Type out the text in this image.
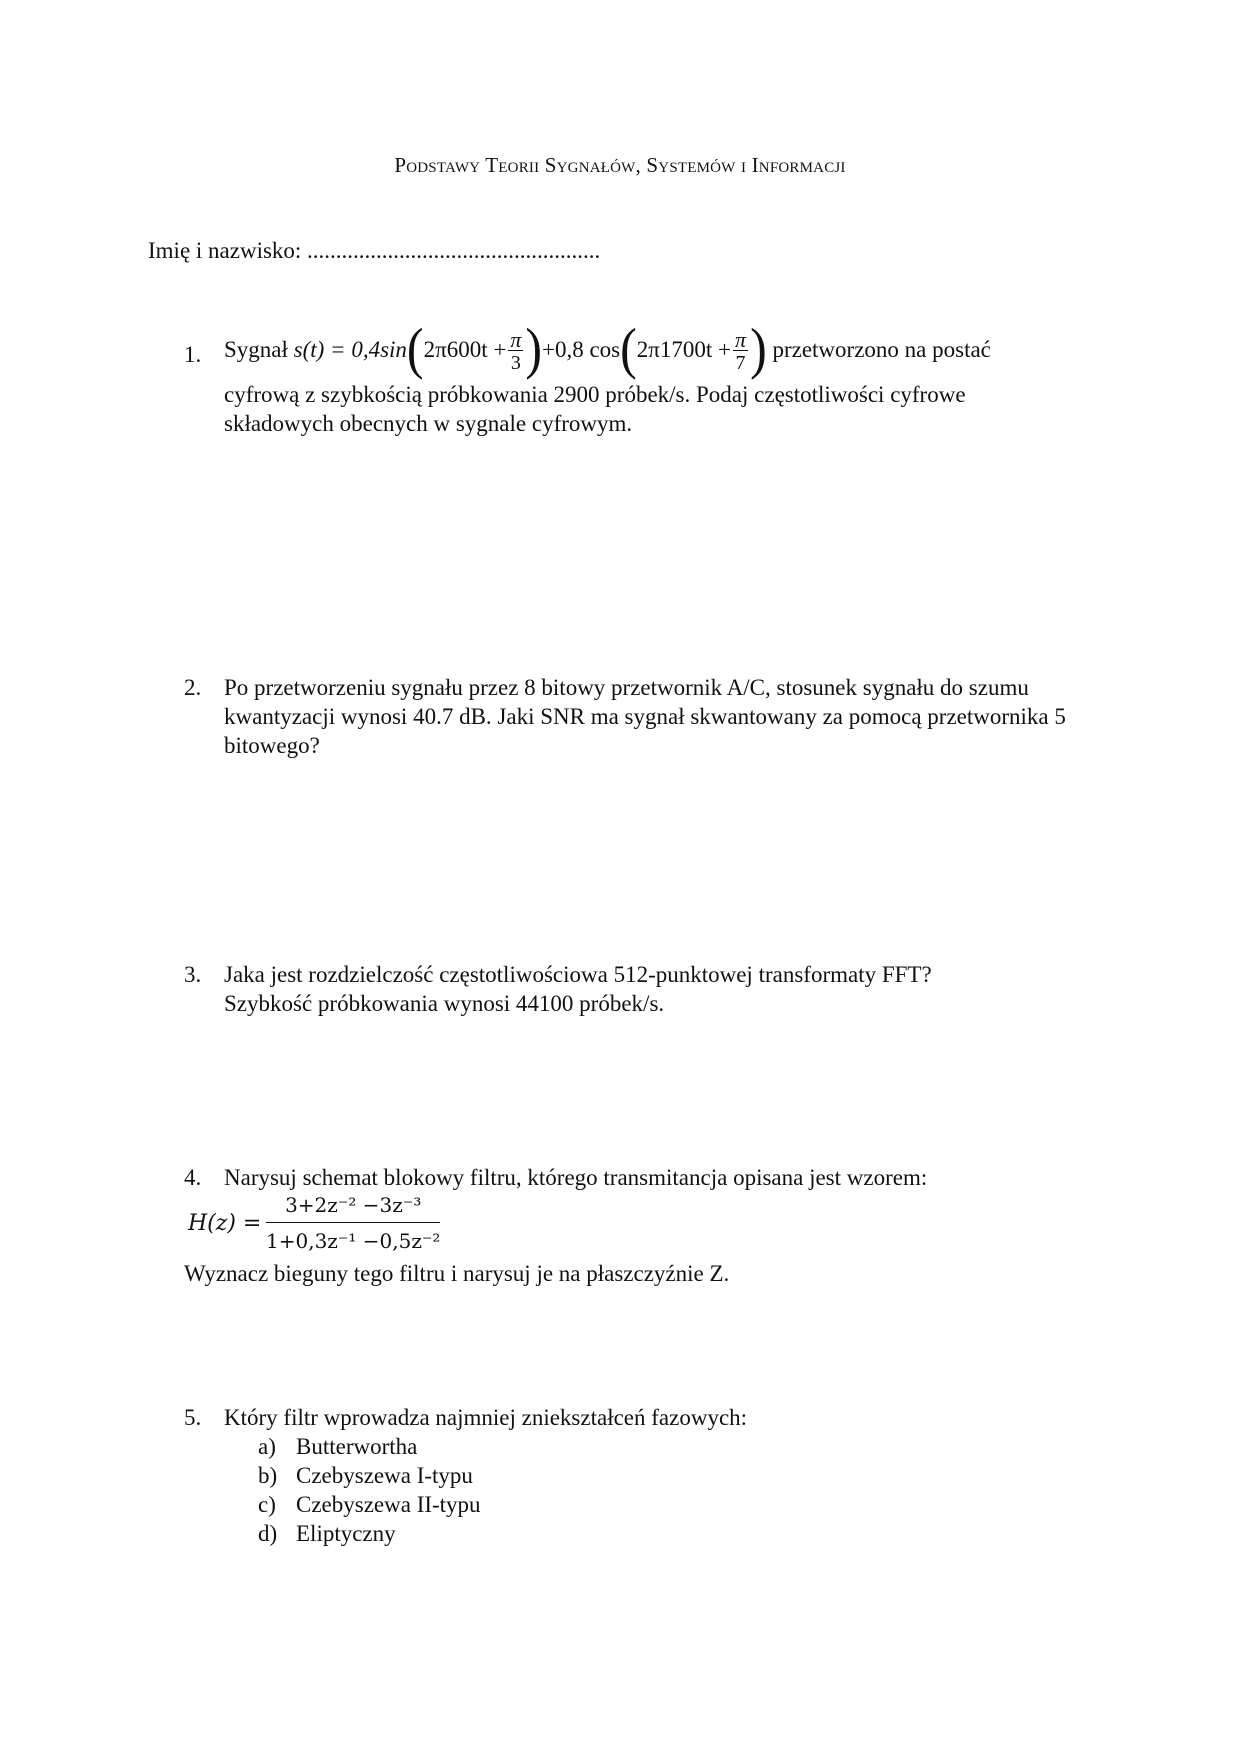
Podstawy Teorii Sygnałów, Systemów i Informacji
Imię i nazwisko: ...................................................
1. Sygnał $s(t) = 0,4\sin(2\pi 600t + \frac{\pi}{3} )+0,8$ $\cos(2\pi 1700t + \frac{\pi}{7}$ ) przetworzono na postać
cyfrową z szybkością próbkowania 2900 próbek/s. Podaj częstotliwości cyfrowe składowych obecnych w sygnale cyfrowym.
2. Po przetworzeniu sygnału przez 8 bitowy przetwornik A/C, stosunek sygnału do szumu kwantyzacji wynosi 40.7 dB. Jaki SNR ma sygnał skwantowany za pomocą przetwornika 5 bitowego?
3. Jaka jest rozdzielczość częstotliwościowa 512-punktowej transformaty FFT? Szybkość próbkowania wynosi 44100 próbek/s.
4. Narysuj schemat blokowy filtru, którego transmitancja opisana jest wzorem:
$H(z) = \frac{\text{3+2z⁻² −3z⁻³}}{\text{1+0,3z⁻¹ −0,5z⁻²}}$
Wyznacz bieguny tego filtru i narysuj je na płaszczyźnie Z.
5. Który filtr wprowadza najmniej zniekształceń fazowych:
a) Butterwortha
b) Czebyszewa I-typu
c) Czebyszewa II-typu
d) Eliptyczny
